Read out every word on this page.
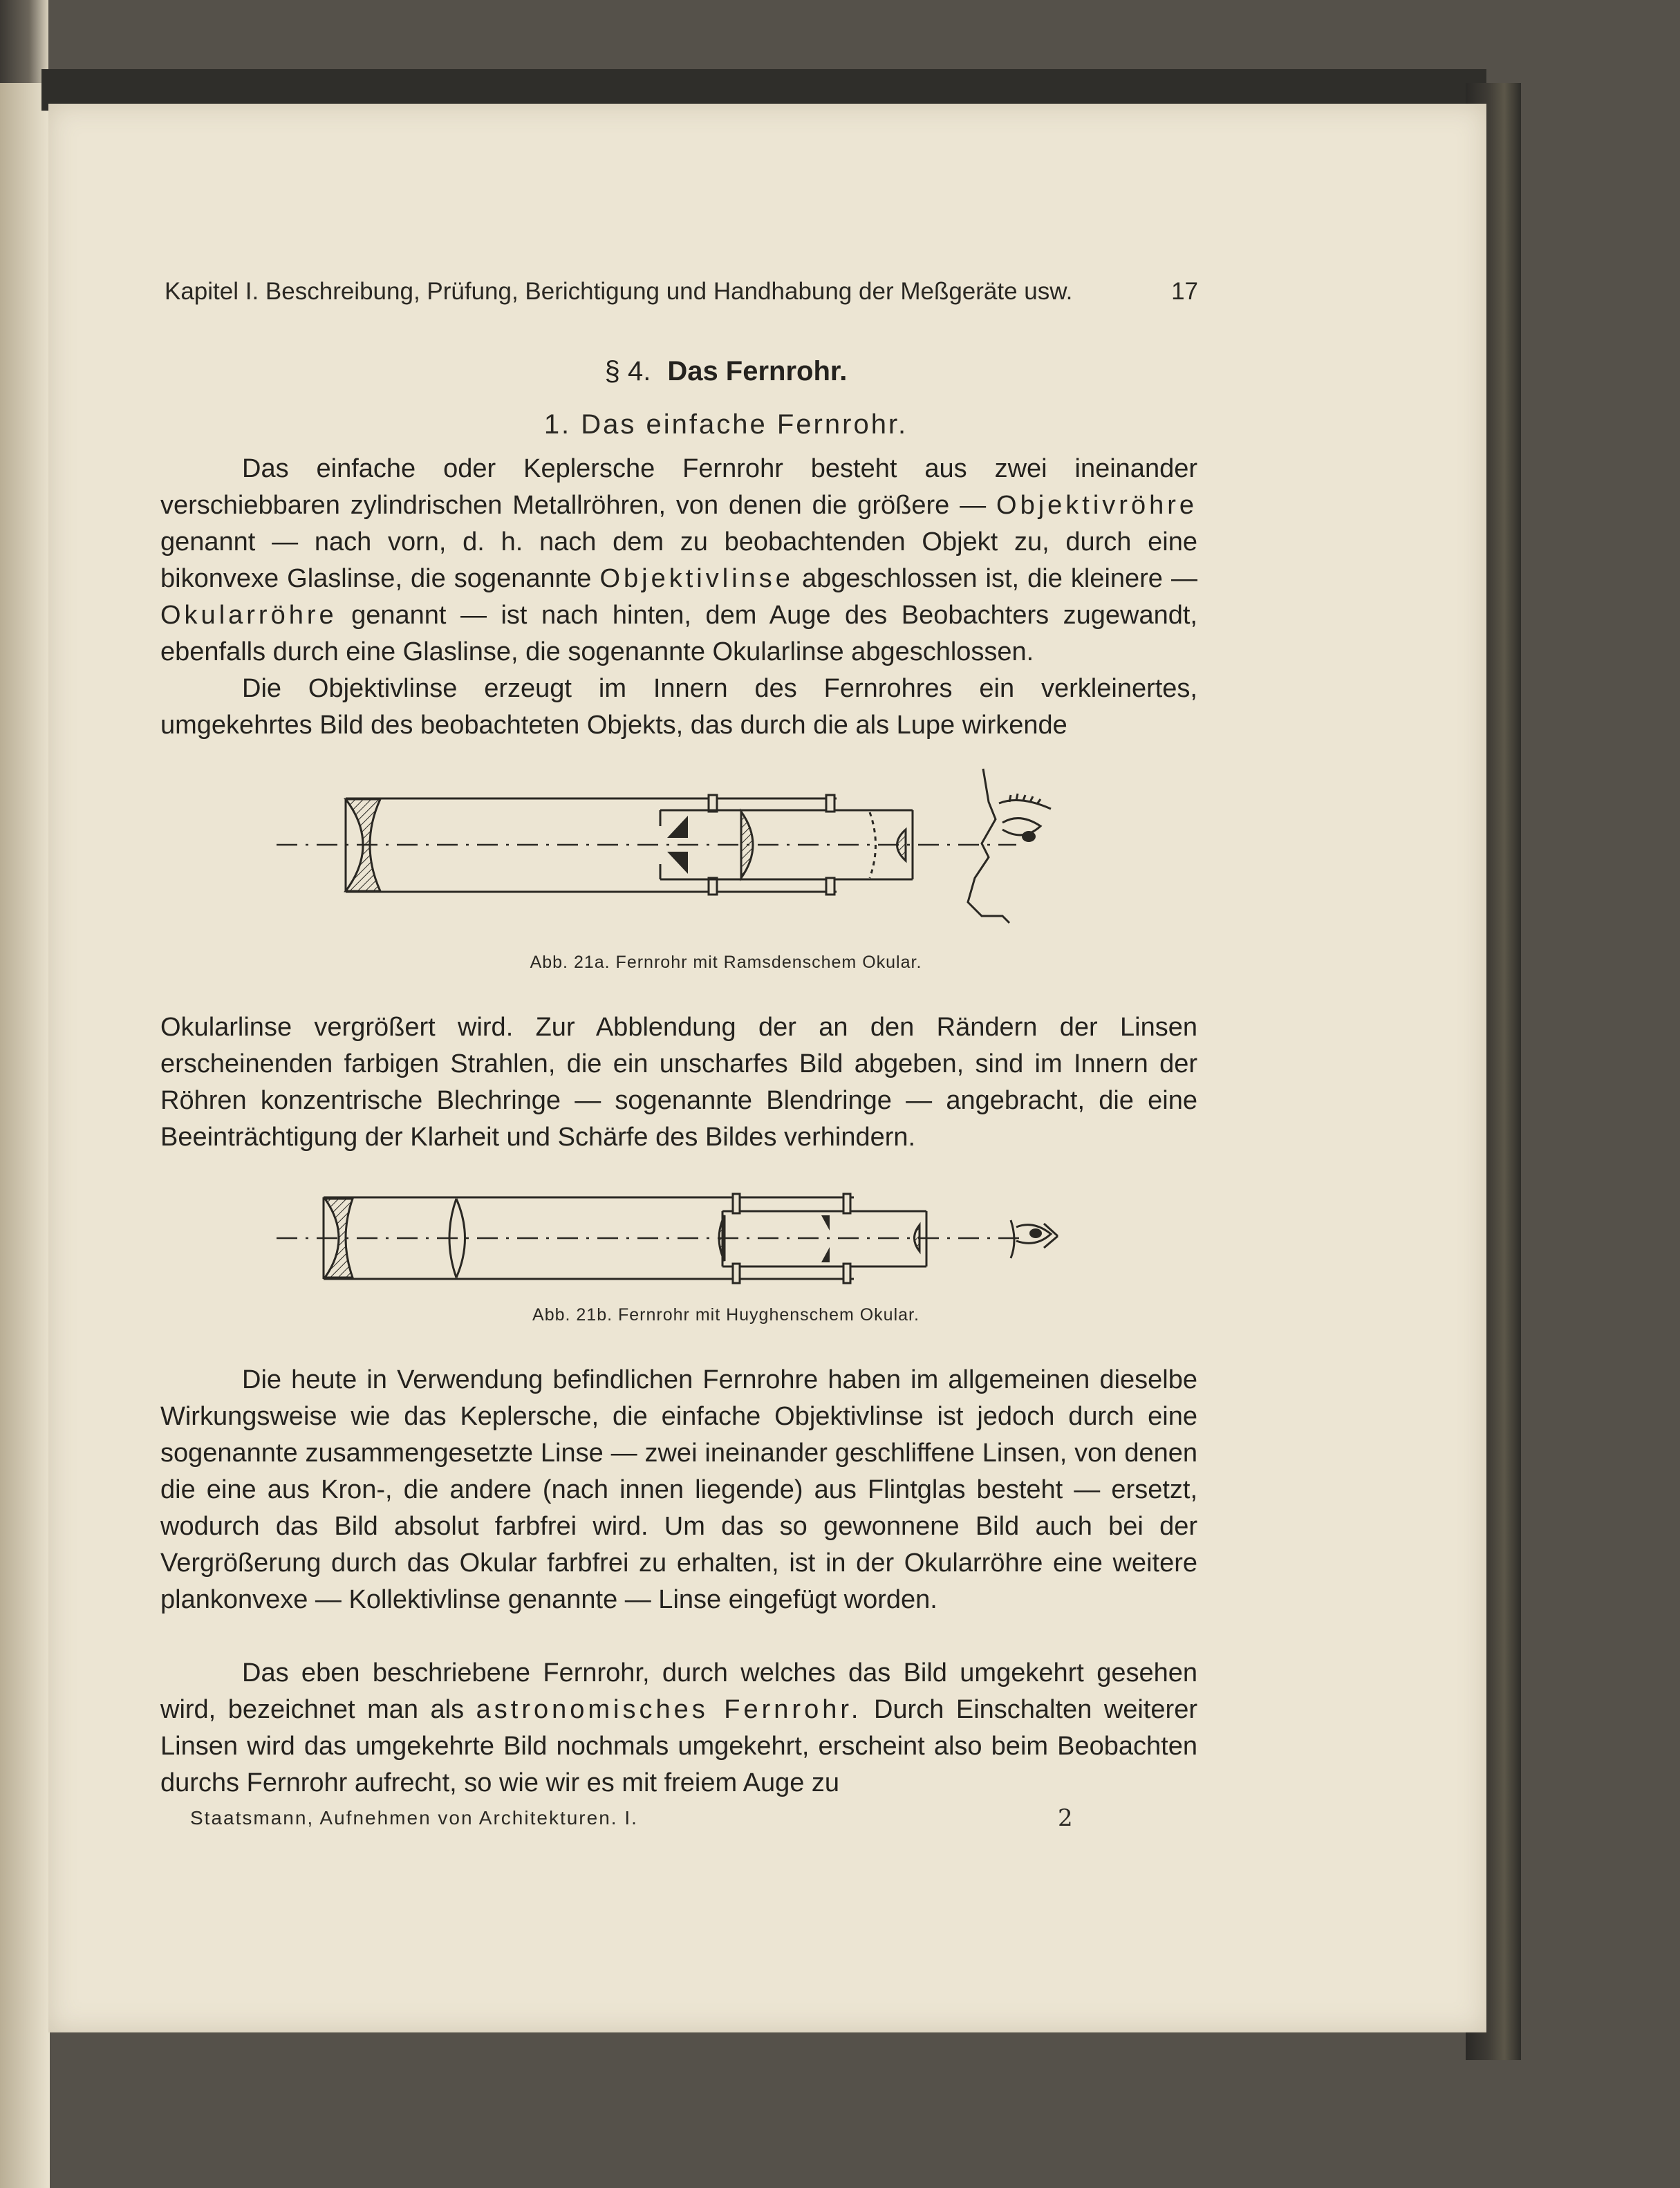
Kapitel I. Beschreibung, Prüfung, Berichtigung und Handhabung der Meßgeräte usw.	17
§ 4. Das Fernrohr.
1. Das einfache Fernrohr.
Das einfache oder Keplersche Fernrohr besteht aus zwei ineinander verschiebbaren zylindrischen Metallröhren, von denen die größere — Objektivröhre genannt — nach vorn, d. h. nach dem zu beobachtenden Objekt zu, durch eine bikonvexe Glaslinse, die sogenannte Objektivlinse abgeschlossen ist, die kleinere — Okularröhre genannt — ist nach hinten, dem Auge des Beobachters zugewandt, ebenfalls durch eine Glaslinse, die sogenannte Okularlinse abgeschlossen.
Die Objektivlinse erzeugt im Innern des Fernrohres ein verkleinertes, umgekehrtes Bild des beobachteten Objekts, das durch die als Lupe wirkende
Abb. 21a. Fernrohr mit Ramsdenschem Okular.
Okularlinse vergrößert wird. Zur Abblendung der an den Rändern der Linsen erscheinenden farbigen Strahlen, die ein unscharfes Bild abgeben, sind im Innern der Röhren konzentrische Blechringe — sogenannte Blendringe — angebracht, die eine Beeinträchtigung der Klarheit und Schärfe des Bildes verhindern.
Abb. 21b. Fernrohr mit Huyghenschem Okular.
Die heute in Verwendung befindlichen Fernrohre haben im allgemeinen dieselbe Wirkungsweise wie das Keplersche, die einfache Objektivlinse ist jedoch durch eine sogenannte zusammengesetzte Linse — zwei ineinander geschliffene Linsen, von denen die eine aus Kron-, die andere (nach innen liegende) aus Flintglas besteht — ersetzt, wodurch das Bild absolut farbfrei wird. Um das so gewonnene Bild auch bei der Vergrößerung durch das Okular farbfrei zu erhalten, ist in der Okularröhre eine weitere plankonvexe — Kollektivlinse genannte — Linse eingefügt worden.
Das eben beschriebene Fernrohr, durch welches das Bild umgekehrt gesehen wird, bezeichnet man als astronomisches Fernrohr. Durch Einschalten weiterer Linsen wird das umgekehrte Bild nochmals umgekehrt, erscheint also beim Beobachten durchs Fernrohr aufrecht, so wie wir es mit freiem Auge zu
Staatsmann, Aufnehmen von Architekturen. I.	2
